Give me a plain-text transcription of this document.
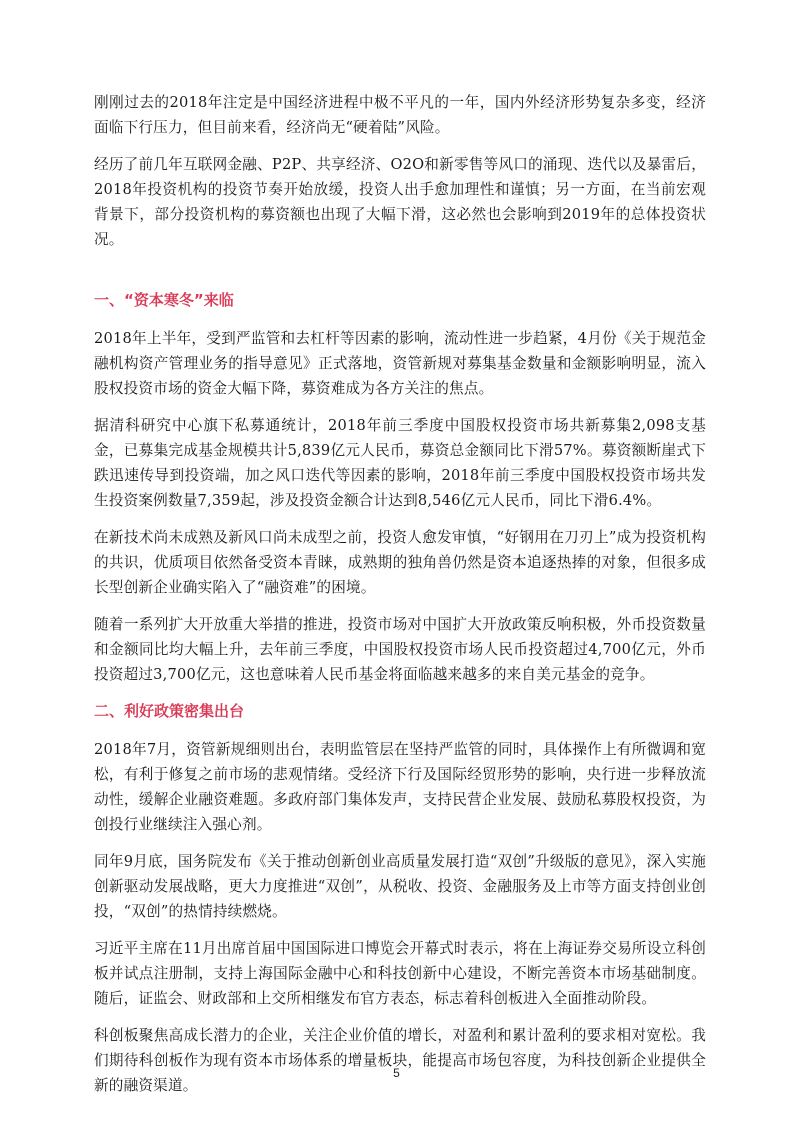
刚刚过去的2018年注定是中国经济进程中极不平凡的一年，国内外经济形势复杂多变，经济面临下行压力，但目前来看，经济尚无“硬着陆”风险。

经历了前几年互联网金融、P2P、共享经济、O2O和新零售等风口的涌现、迭代以及暴雷后，2018年投资机构的投资节奏开始放缓，投资人出手愈加理性和谨慎；另一方面，在当前宏观背景下，部分投资机构的募资额也出现了大幅下滑，这必然也会影响到2019年的总体投资状况。

一、“资本寒冬”来临

2018年上半年，受到严监管和去杠杆等因素的影响，流动性进一步趋紧，4月份《关于规范金融机构资产管理业务的指导意见》正式落地，资管新规对募集基金数量和金额影响明显，流入股权投资市场的资金大幅下降，募资难成为各方关注的焦点。

据清科研究中心旗下私募通统计，2018年前三季度中国股权投资市场共新募集2,098支基金，已募集完成基金规模共计5,839亿元人民币，募资总金额同比下滑57%。募资额断崖式下跌迅速传导到投资端，加之风口迭代等因素的影响，2018年前三季度中国股权投资市场共发生投资案例数量7,359起，涉及投资金额合计达到8,546亿元人民币，同比下滑6.4%。

在新技术尚未成熟及新风口尚未成型之前，投资人愈发审慎，“好钢用在刀刃上”成为投资机构的共识，优质项目依然备受资本青睐，成熟期的独角兽仍然是资本追逐热捧的对象，但很多成长型创新企业确实陷入了“融资难”的困境。

随着一系列扩大开放重大举措的推进，投资市场对中国扩大开放政策反响积极，外币投资数量和金额同比均大幅上升，去年前三季度，中国股权投资市场人民币投资超过4,700亿元，外币投资超过3,700亿元，这也意味着人民币基金将面临越来越多的来自美元基金的竞争。

二、利好政策密集出台

2018年7月，资管新规细则出台，表明监管层在坚持严监管的同时，具体操作上有所微调和宽松，有利于修复之前市场的悲观情绪。受经济下行及国际经贸形势的影响，央行进一步释放流动性，缓解企业融资难题。多政府部门集体发声，支持民营企业发展、鼓励私募股权投资，为创投行业继续注入强心剂。

同年9月底，国务院发布《关于推动创新创业高质量发展打造“双创”升级版的意见》，深入实施创新驱动发展战略，更大力度推进“双创”，从税收、投资、金融服务及上市等方面支持创业创投，“双创”的热情持续燃烧。

习近平主席在11月出席首届中国国际进口博览会开幕式时表示，将在上海证券交易所设立科创板并试点注册制，支持上海国际金融中心和科技创新中心建设，不断完善资本市场基础制度。随后，证监会、财政部和上交所相继发布官方表态，标志着科创板进入全面推动阶段。

科创板聚焦高成长潜力的企业，关注企业价值的增长，对盈利和累计盈利的要求相对宽松。我们期待科创板作为现有资本市场体系的增量板块，能提高市场包容度，为科技创新企业提供全新的融资渠道。

5
